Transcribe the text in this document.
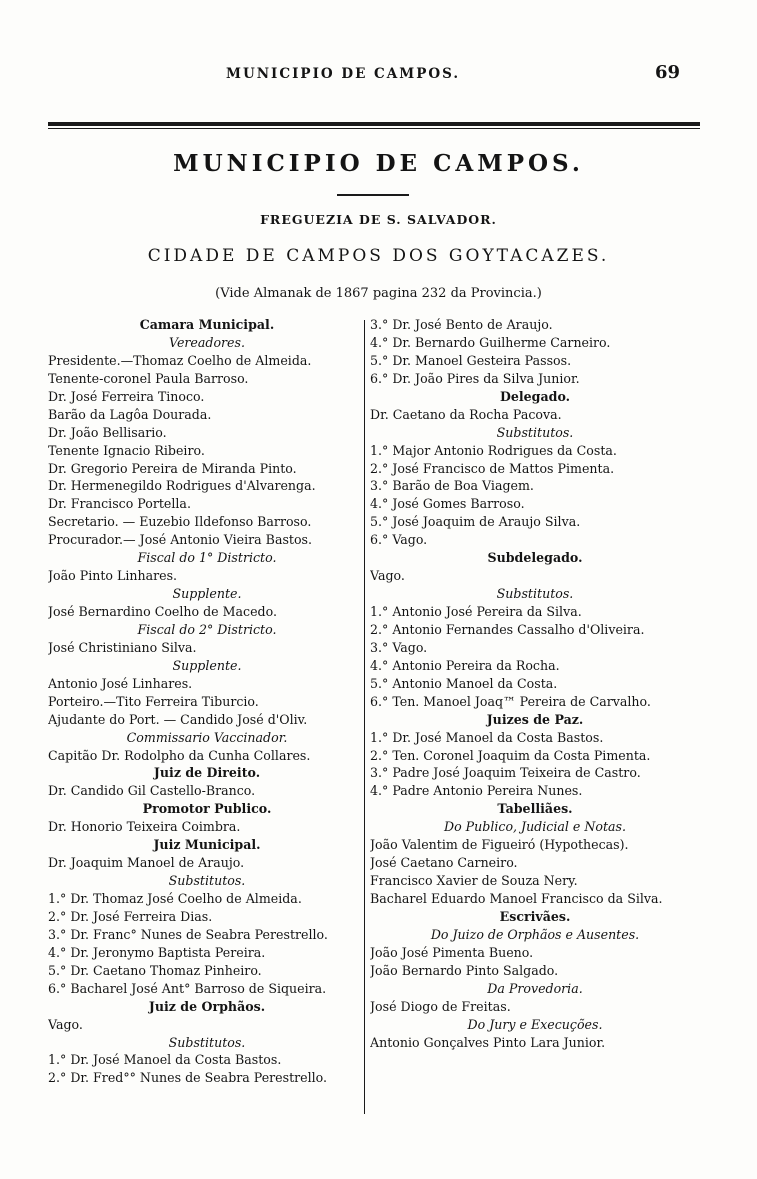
MUNICIPIO DE CAMPOS.	69
MUNICIPIO DE CAMPOS.
FREGUEZIA DE S. SALVADOR.
CIDADE DE CAMPOS DOS GOYTACAZES.
(Vide Almanak de 1867 pagina 232 da Provincia.)
Camara Municipal.
Vereadores.
Presidente.—Thomaz Coelho de Almeida.
Tenente-coronel Paula Barroso.
Dr. José Ferreira Tinoco.
Barão da Lagôa Dourada.
Dr. João Bellisario.
Tenente Ignacio Ribeiro.
Dr. Gregorio Pereira de Miranda Pinto.
Dr. Hermenegildo Rodrigues d'Alvarenga.
Dr. Francisco Portella.
Secretario. — Euzebio Ildefonso Barroso.
Procurador.— José Antonio Vieira Bastos.
Fiscal do 1° Districto.
João Pinto Linhares.
Supplente.
José Bernardino Coelho de Macedo.
Fiscal do 2° Districto.
José Christiniano Silva.
Supplente.
Antonio José Linhares.
Porteiro.—Tito Ferreira Tiburcio.
Ajudante do Port. — Candido José d'Oliv.
Commissario Vaccinador.
Capitão Dr. Rodolpho da Cunha Collares.
Juiz de Direito.
Dr. Candido Gil Castello-Branco.
Promotor Publico.
Dr. Honorio Teixeira Coimbra.
Juiz Municipal.
Dr. Joaquim Manoel de Araujo.
Substitutos.
1.° Dr. Thomaz José Coelho de Almeida.
2.° Dr. José Ferreira Dias.
3.° Dr. Franc° Nunes de Seabra Perestrello.
4.° Dr. Jeronymo Baptista Pereira.
5.° Dr. Caetano Thomaz Pinheiro.
6.° Bacharel José Ant° Barroso de Siqueira.
Juiz de Orphãos.
Vago.
Substitutos.
1.° Dr. José Manoel da Costa Bastos.
2.° Dr. Fred°° Nunes de Seabra Perestrello.
3.° Dr. José Bento de Araujo.
4.° Dr. Bernardo Guilherme Carneiro.
5.° Dr. Manoel Gesteira Passos.
6.° Dr. João Pires da Silva Junior.
Delegado.
Dr. Caetano da Rocha Pacova.
Substitutos.
1.° Major Antonio Rodrigues da Costa.
2.° José Francisco de Mattos Pimenta.
3.° Barão de Boa Viagem.
4.° José Gomes Barroso.
5.° José Joaquim de Araujo Silva.
6.° Vago.
Subdelegado.
Vago.
Substitutos.
1.° Antonio José Pereira da Silva.
2.° Antonio Fernandes Cassalho d'Oliveira.
3.° Vago.
4.° Antonio Pereira da Rocha.
5.° Antonio Manoel da Costa.
6.° Ten. Manoel Joaq™ Pereira de Carvalho.
Juizes de Paz.
1.° Dr. José Manoel da Costa Bastos.
2.° Ten. Coronel Joaquim da Costa Pimenta.
3.° Padre José Joaquim Teixeira de Castro.
4.° Padre Antonio Pereira Nunes.
Tabelliães.
Do Publico, Judicial e Notas.
João Valentim de Figueiró (Hypothecas).
José Caetano Carneiro.
Francisco Xavier de Souza Nery.
Bacharel Eduardo Manoel Francisco da Silva.
Escrivães.
Do Juizo de Orphãos e Ausentes.
João José Pimenta Bueno.
João Bernardo Pinto Salgado.
Da Provedoria.
José Diogo de Freitas.
Do Jury e Execuções.
Antonio Gonçalves Pinto Lara Junior.
